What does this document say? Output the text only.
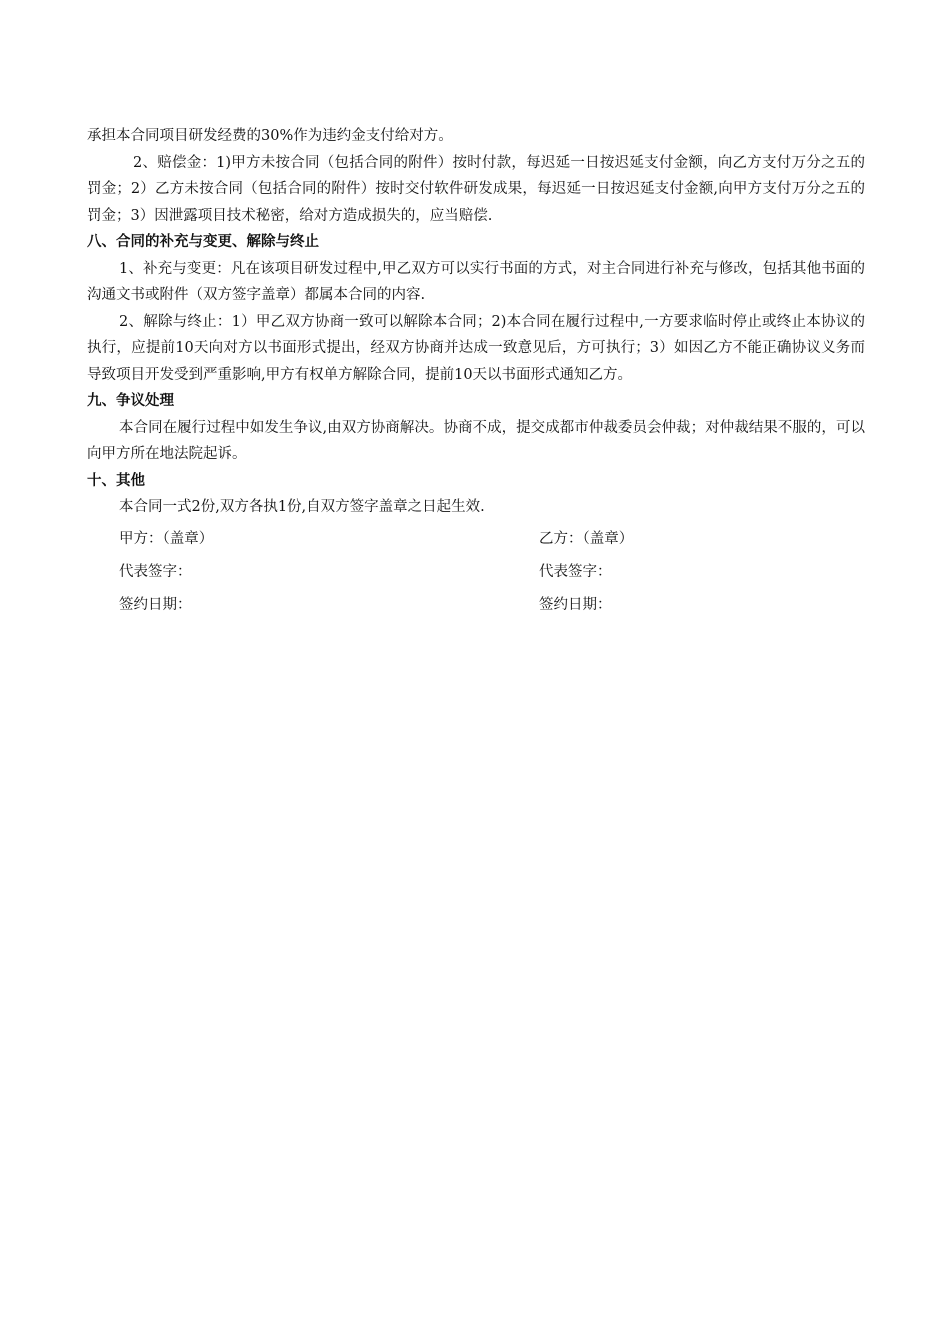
承担本合同项目研发经费的30%作为违约金支付给对方。

2、赔偿金：1)甲方未按合同（包括合同的附件）按时付款，每迟延一日按迟延支付金额，向乙方支付万分之五的罚金；2）乙方未按合同（包括合同的附件）按时交付软件研发成果，每迟延一日按迟延支付金额,向甲方支付万分之五的罚金；3）因泄露项目技术秘密，给对方造成损失的，应当赔偿.

八、合同的补充与变更、解除与终止

1、补充与变更：凡在该项目研发过程中,甲乙双方可以实行书面的方式，对主合同进行补充与修改，包括其他书面的沟通文书或附件（双方签字盖章）都属本合同的内容.

2、解除与终止：1）甲乙双方协商一致可以解除本合同；2)本合同在履行过程中,一方要求临时停止或终止本协议的执行，应提前10天向对方以书面形式提出，经双方协商并达成一致意见后，方可执行；3）如因乙方不能正确协议义务而导致项目开发受到严重影响,甲方有权单方解除合同，提前10天以书面形式通知乙方。

九、争议处理

本合同在履行过程中如发生争议,由双方协商解决。协商不成，提交成都市仲裁委员会仲裁；对仲裁结果不服的，可以向甲方所在地法院起诉。

十、其他

本合同一式2份,双方各执1份,自双方签字盖章之日起生效.

甲方：（盖章）	乙方：（盖章）
代表签字：	代表签字：
签约日期：	签约日期：
